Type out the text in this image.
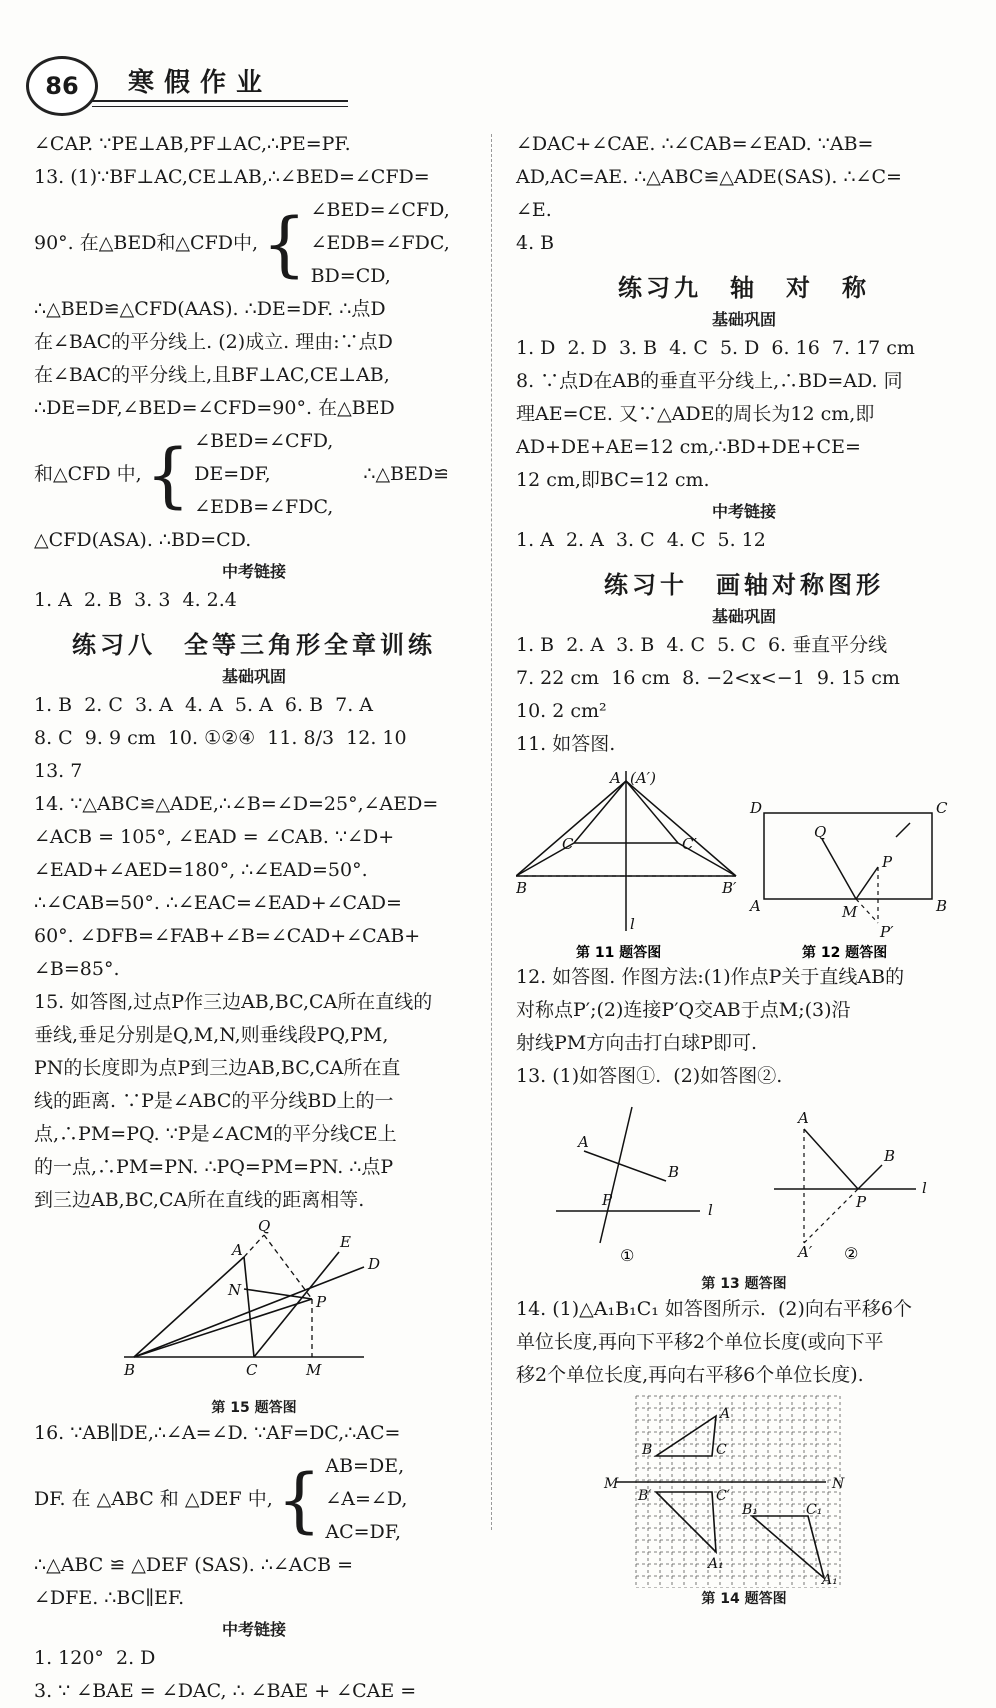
86	寒假作业

∠CAP. ∵PE⊥AB,PF⊥AC,∴PE=PF.

13. (1)∵BF⊥AC,CE⊥AB,∴∠BED=∠CFD=

90°. 在△BED和△CFD中, { ∠BED=∠CFD,

∠EDB=∠FDC,

BD=CD,

∴△BED≌△CFD(AAS). ∴DE=DF. ∴点D

在∠BAC的平分线上. (2)成立. 理由:∵点D

在∠BAC的平分线上,且BF⊥AC,CE⊥AB,

∴DE=DF,∠BED=∠CFD=90°. 在△BED

和△CFD 中, { ∠BED=∠CFD,

DE=DF,

∠EDB=∠FDC,

∴△BED≌

△CFD(ASA). ∴BD=CD.

中考链接

1. A  2. B  3. 3  4. 2.4

练习八　全等三角形全章训练
基础巩固

1. B  2. C  3. A  4. A  5. A  6. B  7. A

8. C  9. 9 cm  10. ①②④  11. 8/3  12. 10

13. 7

14. ∵△ABC≌△ADE,∴∠B=∠D=25°,∠AED=

∠ACB = 105°, ∠EAD = ∠CAB. ∵∠D+

∠EAD+∠AED=180°, ∴∠EAD=50°.

∴∠CAB=50°. ∴∠EAC=∠EAD+∠CAD=

60°. ∠DFB=∠FAB+∠B=∠CAD+∠CAB+

∠B=85°.

15. 如答图,过点P作三边AB,BC,CA所在直线的

垂线,垂足分别是Q,M,N,则垂线段PQ,PM,

PN的长度即为点P到三边AB,BC,CA所在直

线的距离. ∵P是∠ABC的平分线BD上的一

点,∴PM=PQ. ∵P是∠ACM的平分线CE上

的一点,∴PM=PN. ∴PQ=PM=PN. ∴点P

到三边AB,BC,CA所在直线的距离相等.

Q
A	E
D
N
P
B	C	M
第 15 题答图

16. ∵AB∥DE,∴∠A=∠D. ∵AF=DC,∴AC=

DF. 在 △ABC 和 △DEF 中, { AB=DE,

∠A=∠D,

AC=DF,

∴△ABC ≌ △DEF (SAS). ∴∠ACB =

∠DFE. ∴BC∥EF.

中考链接

1. 120°  2. D

3. ∵ ∠BAE = ∠DAC, ∴ ∠BAE + ∠CAE =

∠DAC+∠CAE. ∴∠CAB=∠EAD. ∵AB=

AD,AC=AE. ∴△ABC≌△ADE(SAS). ∴∠C=

∠E.

4. B

练习九　轴　对　称
基础巩固

1. D  2. D  3. B  4. C  5. D  6. 16  7. 17 cm

8. ∵点D在AB的垂直平分线上,∴BD=AD. 同

理AE=CE. 又∵△ADE的周长为12 cm,即

AD+DE+AE=12 cm,∴BD+DE+CE=

12 cm,即BC=12 cm.

中考链接

1. A  2. A  3. C  4. C  5. 12

练习十　画轴对称图形
基础巩固

1. B  2. A  3. B  4. C  5. C  6. 垂直平分线

7. 22 cm  16 cm  8. −2<x<−1  9. 15 cm

10. 2 cm²

11. 如答图.

A (A′)
C	C′
B	B′
l
D	C
A	B
Q
P
M
P′
第 11 题答图	第 12 题答图

12. 如答图. 作图方法:(1)作点P关于直线AB的

对称点P′;(2)连接P′Q交AB于点M;(3)沿

射线PM方向击打白球P即可.

13. (1)如答图①.  (2)如答图②.

A
B
P
l
A
B
P
l
A′
①	②
第 13 题答图

14. (1)△A₁B₁C₁ 如答图所示.  (2)向右平移6个

单位长度,再向下平移2个单位长度(或向下平

移2个单位长度,再向右平移6个单位长度).

A
B	C
M	N
B′	C′
A₁
B₁	C₁
A₁
第 14 题答图
